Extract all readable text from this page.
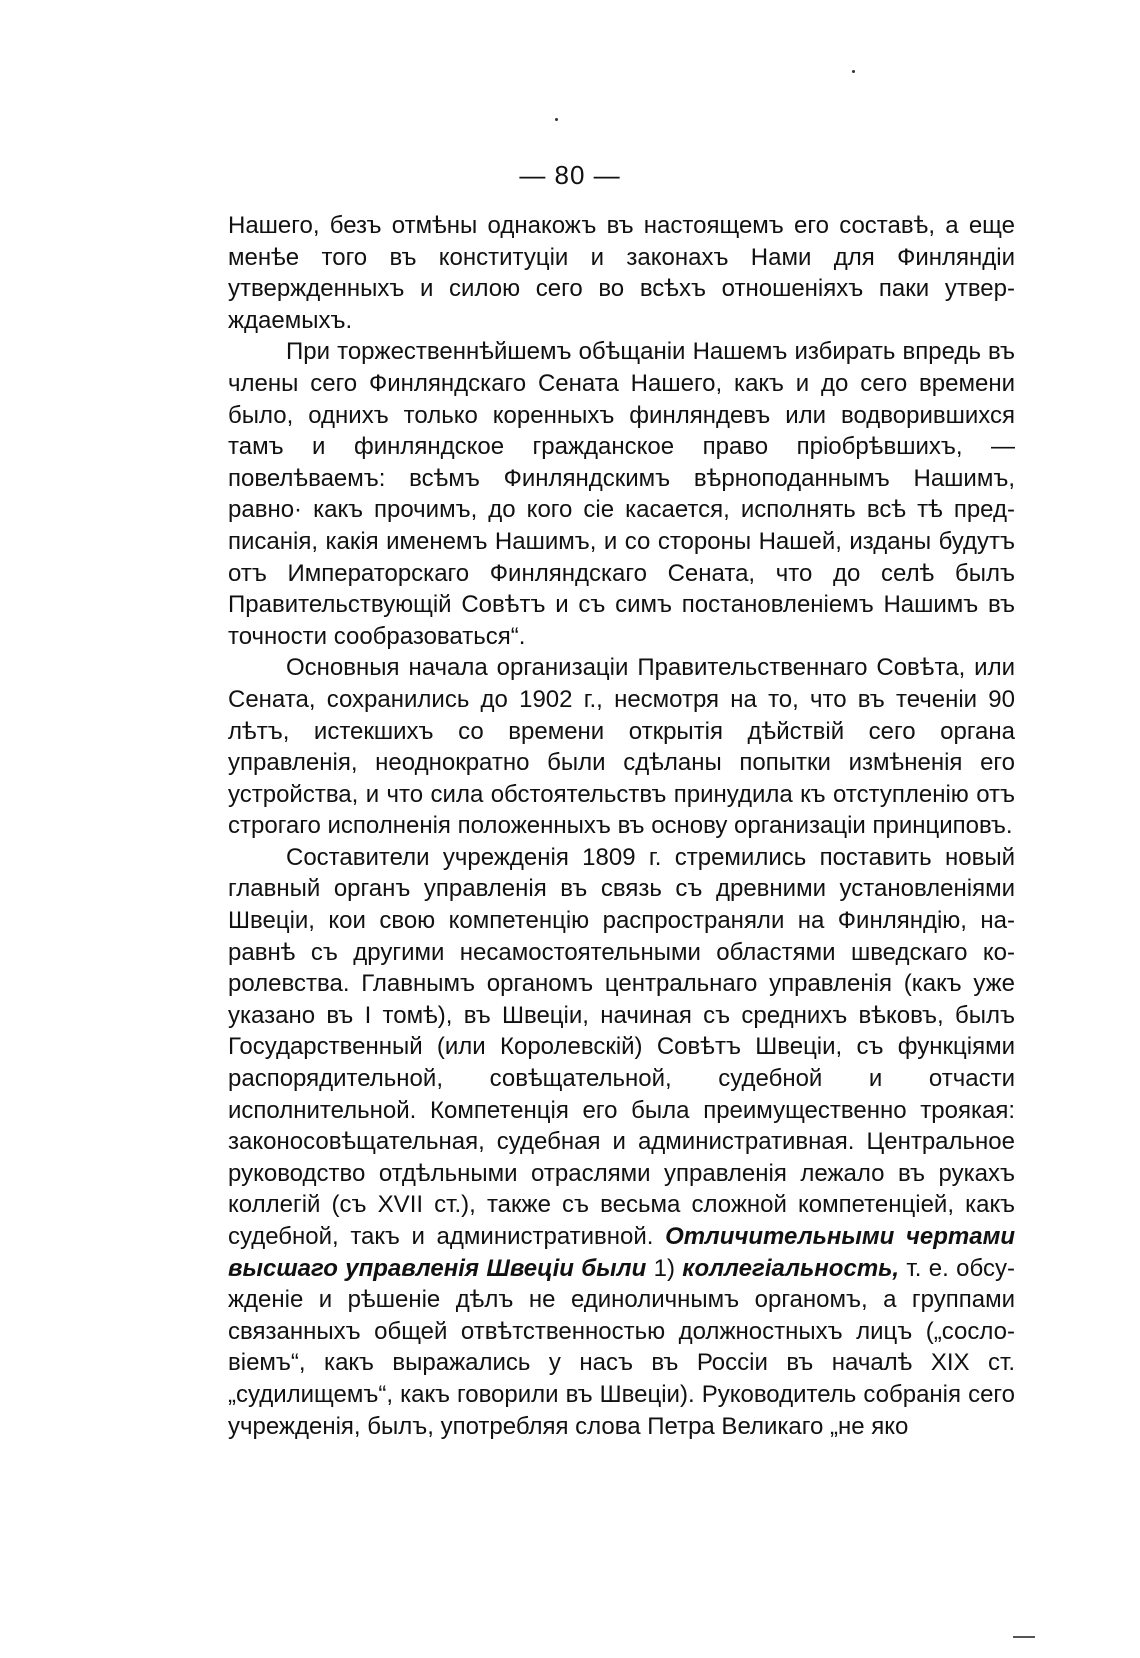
— 80 —

Нашего, безъ отмѣны однакожъ въ настоящемъ его составѣ, а еще менѣе того въ конституціи и законахъ Нами для Финляндіи утвержденныхъ и силою сего во всѣхъ отношеніяхъ паки утверждаемыхъ.

При торжественнѣйшемъ обѣщаніи Нашемъ избирать впредь въ члены сего Финляндскаго Сената Нашего, какъ и до сего времени было, однихъ только коренныхъ финляндевъ или водворившихся тамъ и финляндское гражданское право пріобрѣвшихъ, — повелѣваемъ: всѣмъ Финляндскимъ вѣрноподаннымъ Нашимъ, равно· какъ прочимъ, до кого сіе касается, исполнять всѣ тѣ предписанія, какія именемъ Нашимъ, и со стороны Нашей, изданы будутъ отъ Императорскаго Финляндскаго Сената, что до селѣ былъ Правительствующій Совѣтъ и съ симъ постановленіемъ Нашимъ въ точности сообразоваться“.

Основныя начала организаціи Правительственнаго Совѣта, или Сената, сохранились до 1902 г., несмотря на то, что въ теченіи 90 лѣтъ, истекшихъ со времени открытія дѣйствій сего органа управленія, неоднократно были сдѣланы попытки измѣненія его устройства, и что сила обстоятельствъ принудила къ отступленію отъ строгаго исполненія положенныхъ въ основу организаціи принциповъ.

Составители учрежденія 1809 г. стремились поставить новый главный органъ управленія въ связь съ древними установленіями Швеціи, кои свою компетенцію распространяли на Финляндію, наравнѣ съ другими несамостоятельными областями шведскаго королевства. Главнымъ органомъ центральнаго управленія (какъ уже указано въ I томѣ), въ Швеціи, начиная съ среднихъ вѣковъ, былъ Государственный (или Королевскій) Совѣтъ Швеціи, съ функціями распорядительной, совѣщательной, судебной и отчасти исполнительной. Компетенція его была преимущественно троякая: законосовѣщательная, судебная и административная. Центральное руководство отдѣльными отраслями управленія лежало въ рукахъ коллегій (съ XVII ст.), также съ весьма сложной компетенціей, какъ судебной, такъ и административной. Отличительными чертами высшаго управленія Швеціи были 1) коллегіальность, т. е. обсужденіе и рѣшеніе дѣлъ не единоличнымъ органомъ, а группами связанныхъ общей отвѣтственностью должностныхъ лицъ („сословіемъ“, какъ выражались у насъ въ Россіи въ началѣ XIX ст. „судилищемъ“, какъ говорили въ Швеціи). Руководитель собранія сего учрежденія, былъ, употребляя слова Петра Великаго „не яко
